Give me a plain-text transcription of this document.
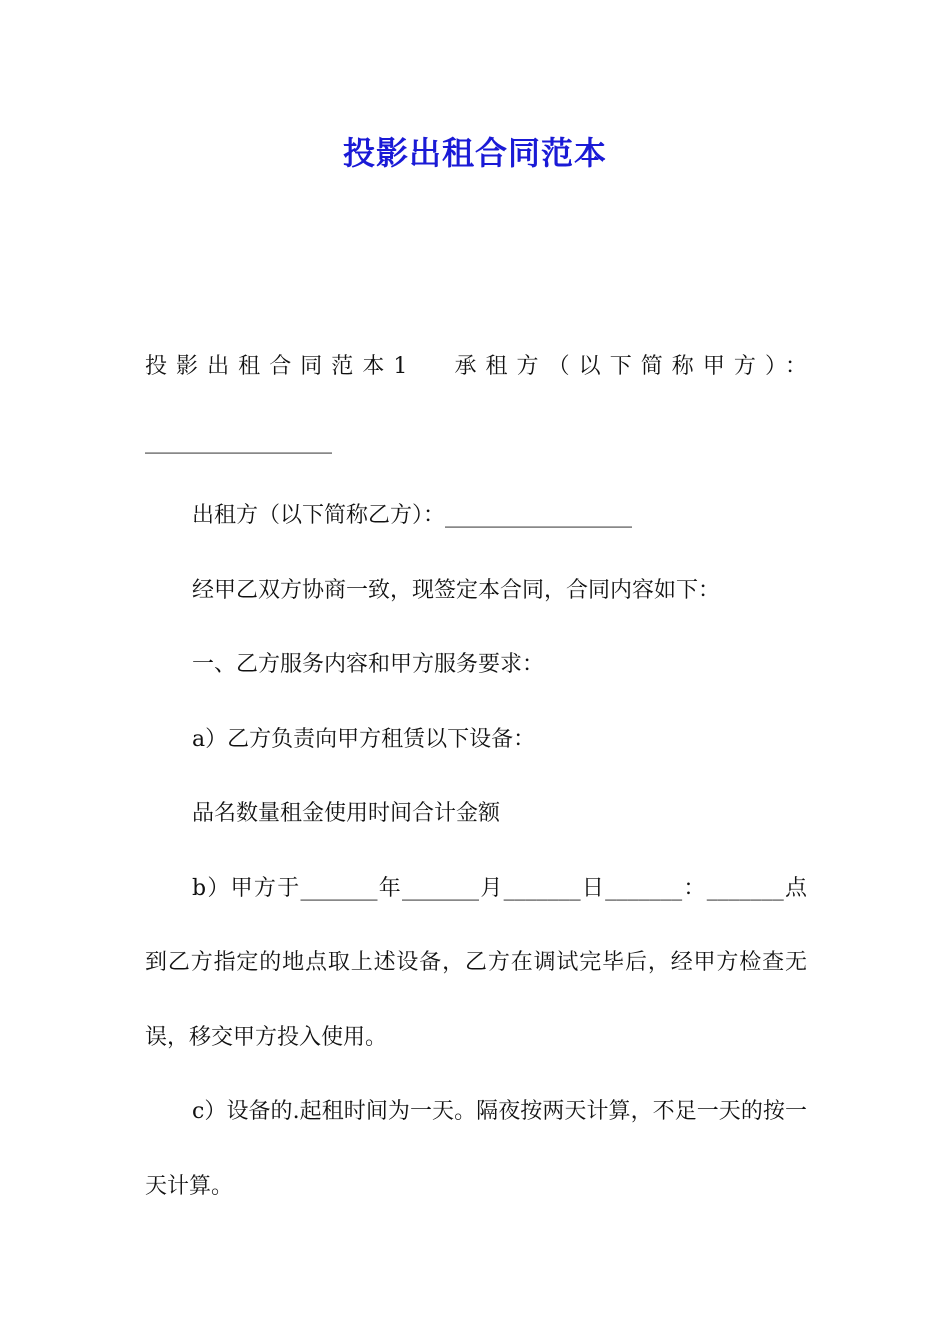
投影出租合同范本

投影出租合同范本1 承租方（以下简称甲方）：_________________

出租方（以下简称乙方）：_________________

经甲乙双方协商一致，现签定本合同，合同内容如下：

一、乙方服务内容和甲方服务要求：

a）乙方负责向甲方租赁以下设备：

品名数量租金使用时间合计金额

b）甲方于_______年_______月_______日_______：_______点到乙方指定的地点取上述设备，乙方在调试完毕后，经甲方检查无误，移交甲方投入使用。

c）设备的.起租时间为一天。隔夜按两天计算，不足一天的按一天计算。
